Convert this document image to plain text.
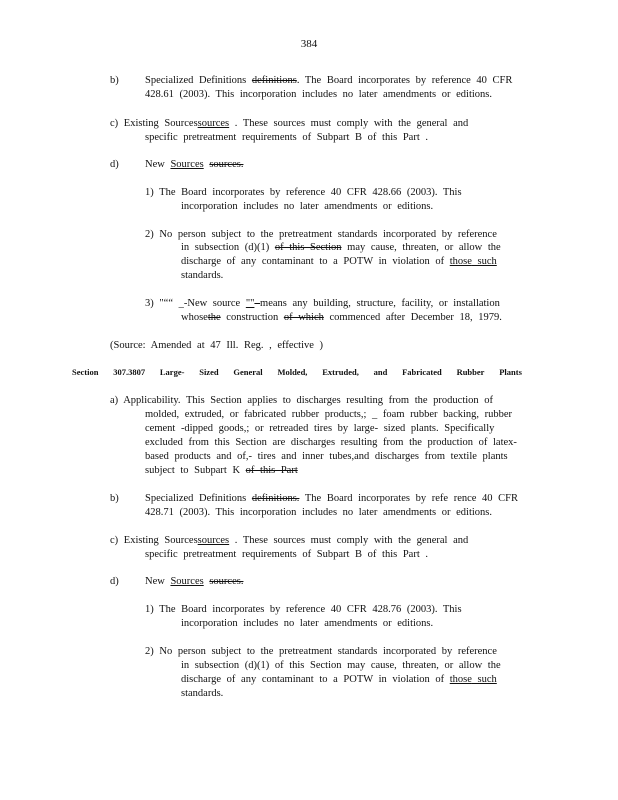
384
b)	Specialized Definitions definitions. The Board incorporates by reference 40 CFR
428.61 (2003). This incorporation includes no later amendments or editions.
c) Existing Sourcessources . These sources must comply with the general and
specific pretreatment requirements of Subpart B of this Part .
d)	New Sources sources.
1) The Board incorporates by reference 40 CFR 428.66 (2003). This
incorporation includes no later amendments or editions.
2) No person subject to the pretreatment standards incorporated by reference
in subsection (d)(1) of this Section may cause, threaten, or allow the
discharge of any contaminant to a POTW in violation of those such
standards.
3) "““ _-New source "" means any building, structure, facility, or installation
whosethe construction of which commenced after December 18, 1979.
(Source: Amended at 47 Ill. Reg. , effective )
Section 307.3807 Large- Sized General Molded, Extruded, and Fabricated Rubber Plants
a) Applicability. This Section applies to discharges resulting from the production of
molded, extruded, or fabricated rubber products,; _ foam rubber backing, rubber
cement -dipped goods,; or retreaded tires by large- sized plants. Specifically
excluded from this Section are discharges resulting from the production of latex-
based products and of,- tires and inner tubes,and discharges from textile plants
subject to Subpart K of this Part
b)	Specialized Definitions definitions. The Board incorporates by refe rence 40 CFR
428.71 (2003). This incorporation includes no later amendments or editions.
c) Existing Sourcessources . These sources must comply with the general and
specific pretreatment requirements of Subpart B of this Part .
d)	New Sources sources.
1) The Board incorporates by reference 40 CFR 428.76 (2003). This
incorporation includes no later amendments or editions.
2) No person subject to the pretreatment standards incorporated by reference
in subsection (d)(1) of this Section may cause, threaten, or allow the
discharge of any contaminant to a POTW in violation of those such
standards.
